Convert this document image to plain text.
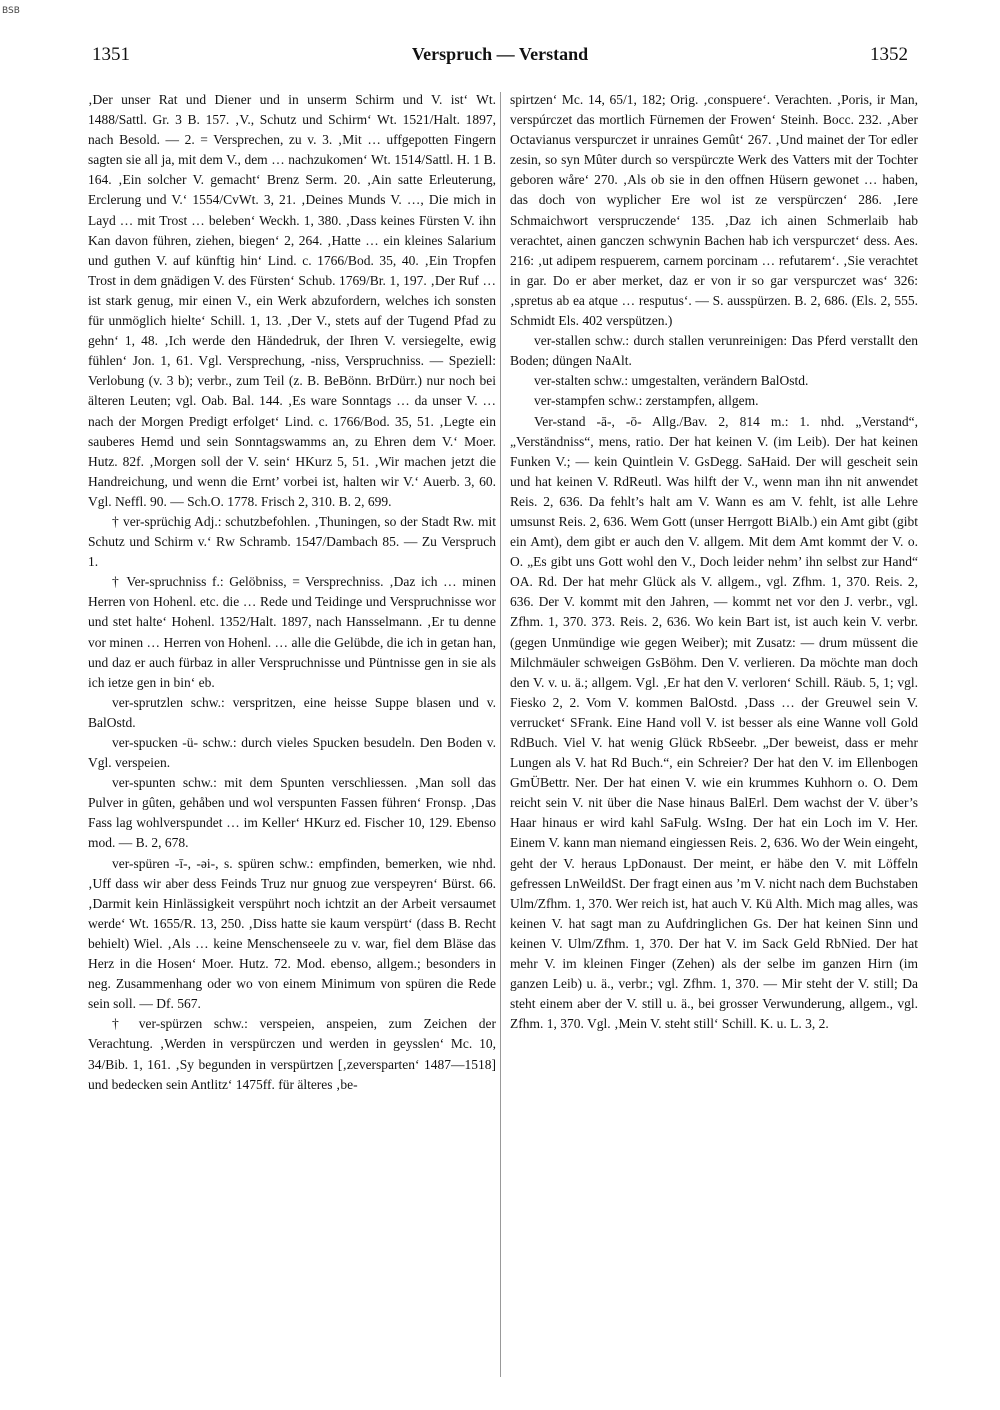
BSB
1351	Verspruch — Verstand	1352

‚Der unser Rat und Diener und in unserm Schirm und V. ist‘ Wt. 1488/Sattl. Gr. 3 B. 157. ‚V., Schutz und Schirm‘ Wt. 1521/Halt. 1897, nach Besold. — 2. = Versprechen, zu v. 3. ‚Mit … uffgepotten Fingern sagten sie all ja, mit dem V., dem … nachzukomen‘ Wt. 1514/Sattl. H. 1 B. 164. ‚Ein solcher V. gemacht‘ Brenz Serm. 20. ‚Ain satte Erleuterung, Erclerung und V.‘ 1554/CvWt. 3, 21. ‚Deines Munds V. …, Die mich in Layd … mit Trost … beleben‘ Weckh. 1, 380. ‚Dass keines Fürsten V. ihn Kan davon führen, ziehen, biegen‘ 2, 264. ‚Hatte … ein kleines Salarium und guthen V. auf künftig hin‘ Lind. c. 1766/Bod. 35, 40. ‚Ein Tropfen Trost in dem gnädigen V. des Fürsten‘ Schub. 1769/Br. 1, 197. ‚Der Ruf … ist stark genug, mir einen V., ein Werk abzufordern, welches ich sonsten für unmöglich hielte‘ Schill. 1, 13. ‚Der V., stets auf der Tugend Pfad zu gehn‘ 1, 48. ‚Ich werde den Händedruk, der Ihren V. versiegelte, ewig fühlen‘ Jon. 1, 61. Vgl. Versprechung, -niss, Verspruchniss. — Speziell: Verlobung (v. 3 b); verbr., zum Teil (z. B. BeBönn. BrDürr.) nur noch bei älteren Leuten; vgl. Oab. Bal. 144. ‚Es ware Sonntags … da unser V. … nach der Morgen Predigt erfolget‘ Lind. c. 1766/Bod. 35, 51. ‚Legte ein sauberes Hemd und sein Sonntagswamms an, zu Ehren dem V.‘ Moer. Hutz. 82f. ‚Morgen soll der V. sein‘ HKurz 5, 51. ‚Wir machen jetzt die Handreichung, und wenn die Ernt’ vorbei ist, halten wir V.‘ Auerb. 3, 60. Vgl. Neffl. 90. — Sch.O. 1778. Frisch 2, 310. B. 2, 699.

† ver-sprüchig Adj.: schutzbefohlen. ‚Thuningen, so der Stadt Rw. mit Schutz und Schirm v.‘ Rw Schramb. 1547/Dambach 85. — Zu Verspruch 1.

† Ver-spruchniss f.: Gelöbniss, = Versprechniss. ‚Daz ich … minen Herren von Hohenl. etc. die … Rede und Teidinge und Verspruchnisse wor und stet halte‘ Hohenl. 1352/Halt. 1897, nach Hansselmann. ‚Er tu denne vor minen … Herren von Hohenl. … alle die Gelübde, die ich in getan han, und daz er auch fürbaz in aller Verspruchnisse und Püntnisse gen in sie als ich ietze gen in bin‘ eb.

ver-sprutzlen schw.: verspritzen, eine heisse Suppe blasen und v. BalOstd.

ver-spucken -ü- schw.: durch vieles Spucken besudeln. Den Boden v. Vgl. verspeien.

ver-spunten schw.: mit dem Spunten verschliessen. ‚Man soll das Pulver in gûten, gehåben und wol verspunten Fassen führen‘ Fronsp. ‚Das Fass lag wohlverspundet … im Keller‘ HKurz ed. Fischer 10, 129. Ebenso mod. — B. 2, 678.

ver-spüren -ī-, -əi-, s. spüren schw.: empfinden, bemerken, wie nhd. ‚Uff dass wir aber dess Feinds Truz nur gnuog zue verspeyren‘ Bürst. 66. ‚Darmit kein Hinlässigkeit verspührt noch ichtzit an der Arbeit versaumet werde‘ Wt. 1655/R. 13, 250. ‚Diss hatte sie kaum verspürt‘ (dass B. Recht behielt) Wiel. ‚Als … keine Menschenseele zu v. war, fiel dem Bläse das Herz in die Hosen‘ Moer. Hutz. 72. Mod. ebenso, allgem.; besonders in neg. Zusammenhang oder wo von einem Minimum von spüren die Rede sein soll. — Df. 567.

† ver-spürzen schw.: verspeien, anspeien, zum Zeichen der Verachtung. ‚Werden in verspürczen und werden in geysslen‘ Mc. 10, 34/Bib. 1, 161. ‚Sy begunden in verspürtzen [‚zeversparten‘ 1487—1518] und bedecken sein Antlitz‘ 1475ff. für älteres ‚be-

spirtzen‘ Mc. 14, 65/1, 182; Orig. ‚conspuere‘. Verachten. ‚Poris, ir Man, verspúrczet das mortlich Fürnemen der Frowen‘ Steinh. Bocc. 232. ‚Aber Octavianus verspurczet ir unraines Gemût‘ 267. ‚Und mainet der Tor edler zesin, so syn Mûter durch so verspürczte Werk des Vatters mit der Tochter geboren wåre‘ 270. ‚Als ob sie in den offnen Hüsern gewonet … haben, das doch von wyplicher Ere wol ist ze verspürczen‘ 286. ‚Iere Schmaichwort verspruczende‘ 135. ‚Daz ich ainen Schmerlaib hab verachtet, ainen ganczen schwynin Bachen hab ich verspurczet‘ dess. Aes. 216: ‚ut adipem respuerem, carnem porcinam … refutarem‘. ‚Sie verachtet in gar. Do er aber merket, daz er von ir so gar verspurczet was‘ 326: ‚spretus ab ea atque … resputus‘. — S. ausspürzen. B. 2, 686. (Els. 2, 555. Schmidt Els. 402 verspützen.)

ver-stallen schw.: durch stallen verunreinigen: Das Pferd verstallt den Boden; düngen NaAlt.

ver-stalten schw.: umgestalten, verändern BalOstd.

ver-stampfen schw.: zerstampfen, allgem.

Ver-stand -ā-, -ō- Allg./Bav. 2, 814 m.: 1. nhd. „Verstand“, „Verständniss“, mens, ratio. Der hat keinen V. (im Leib). Der hat keinen Funken V.; — kein Quintlein V. GsDegg. SaHaid. Der will gescheit sein und hat keinen V. RdReutl. Was hilft der V., wenn man ihn nit anwendet Reis. 2, 636. Da fehlt’s halt am V. Wann es am V. fehlt, ist alle Lehre umsunst Reis. 2, 636. Wem Gott (unser Herrgott BiAlb.) ein Amt gibt (gibt ein Amt), dem gibt er auch den V. allgem. Mit dem Amt kommt der V. o. O. „Es gibt uns Gott wohl den V., Doch leider nehm’ ihn selbst zur Hand“ OA. Rd. Der hat mehr Glück als V. allgem., vgl. Zfhm. 1, 370. Reis. 2, 636. Der V. kommt mit den Jahren, — kommt net vor den J. verbr., vgl. Zfhm. 1, 370. 373. Reis. 2, 636. Wo kein Bart ist, ist auch kein V. verbr. (gegen Unmündige wie gegen Weiber); mit Zusatz: — drum müssent die Milchmäuler schweigen GsBöhm. Den V. verlieren. Da möchte man doch den V. v. u. ä.; allgem. Vgl. ‚Er hat den V. verloren‘ Schill. Räub. 5, 1; vgl. Fiesko 2, 2. Vom V. kommen BalOstd. ‚Dass … der Greuwel sein V. verrucket‘ SFrank. Eine Hand voll V. ist besser als eine Wanne voll Gold RdBuch. Viel V. hat wenig Glück RbSeebr. „Der beweist, dass er mehr Lungen als V. hat Rd Buch.“, ein Schreier? Der hat den V. im Ellenbogen GmÜBettr. Ner. Der hat einen V. wie ein krummes Kuhhorn o. O. Dem reicht sein V. nit über die Nase hinaus BalErl. Dem wachst der V. über’s Haar hinaus er wird kahl SaFulg. WsIng. Der hat ein Loch im V. Her. Einem V. kann man niemand eingiessen Reis. 2, 636. Wo der Wein eingeht, geht der V. heraus LpDonaust. Der meint, er häbe den V. mit Löffeln gefressen LnWeildSt. Der fragt einen aus ’m V. nicht nach dem Buchstaben Ulm/Zfhm. 1, 370. Wer reich ist, hat auch V. Kü Alth. Mich mag alles, was keinen V. hat sagt man zu Aufdringlichen Gs. Der hat keinen Sinn und keinen V. Ulm/Zfhm. 1, 370. Der hat V. im Sack Geld RbNied. Der hat mehr V. im kleinen Finger (Zehen) als der selbe im ganzen Hirn (im ganzen Leib) u. ä., verbr.; vgl. Zfhm. 1, 370. — Mir steht der V. still; Da steht einem aber der V. still u. ä., bei grosser Verwunderung, allgem., vgl. Zfhm. 1, 370. Vgl. ‚Mein V. steht still‘ Schill. K. u. L. 3, 2.
